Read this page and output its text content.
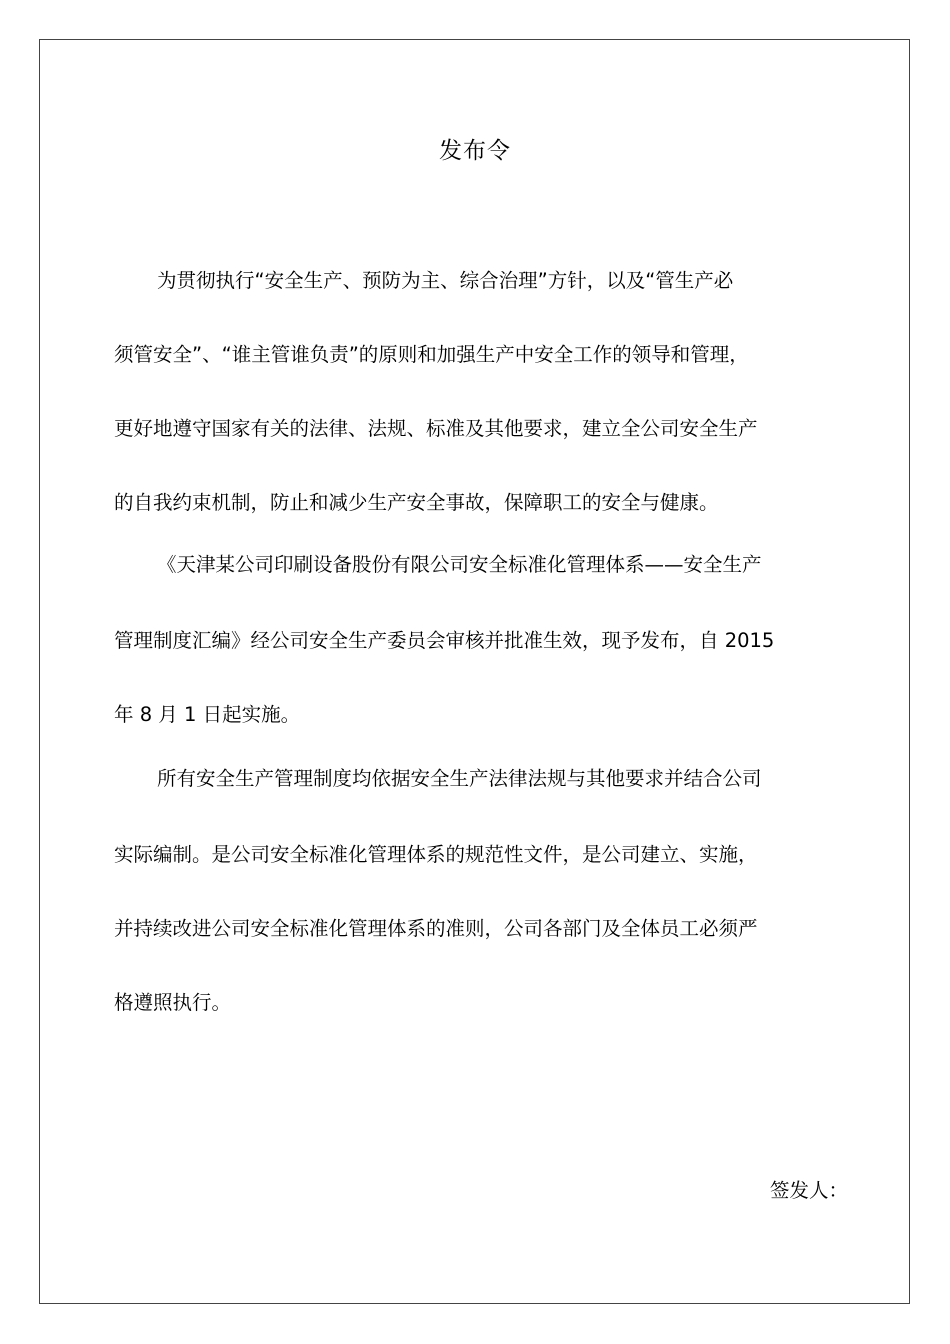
发布令
为贯彻执行“安全生产、预防为主、综合治理”方针，以及“管生产必
须管安全”、“谁主管谁负责”的原则和加强生产中安全工作的领导和管理，
更好地遵守国家有关的法律、法规、标准及其他要求，建立全公司安全生产
的自我约束机制，防止和减少生产安全事故，保障职工的安全与健康。
《天津某公司印刷设备股份有限公司安全标准化管理体系——安全生产
管理制度汇编》经公司安全生产委员会审核并批准生效，现予发布，自 2015
年 8 月 1 日起实施。
所有安全生产管理制度均依据安全生产法律法规与其他要求并结合公司
实际编制。是公司安全标准化管理体系的规范性文件，是公司建立、实施，
并持续改进公司安全标准化管理体系的准则，公司各部门及全体员工必须严
格遵照执行。
签发人：
